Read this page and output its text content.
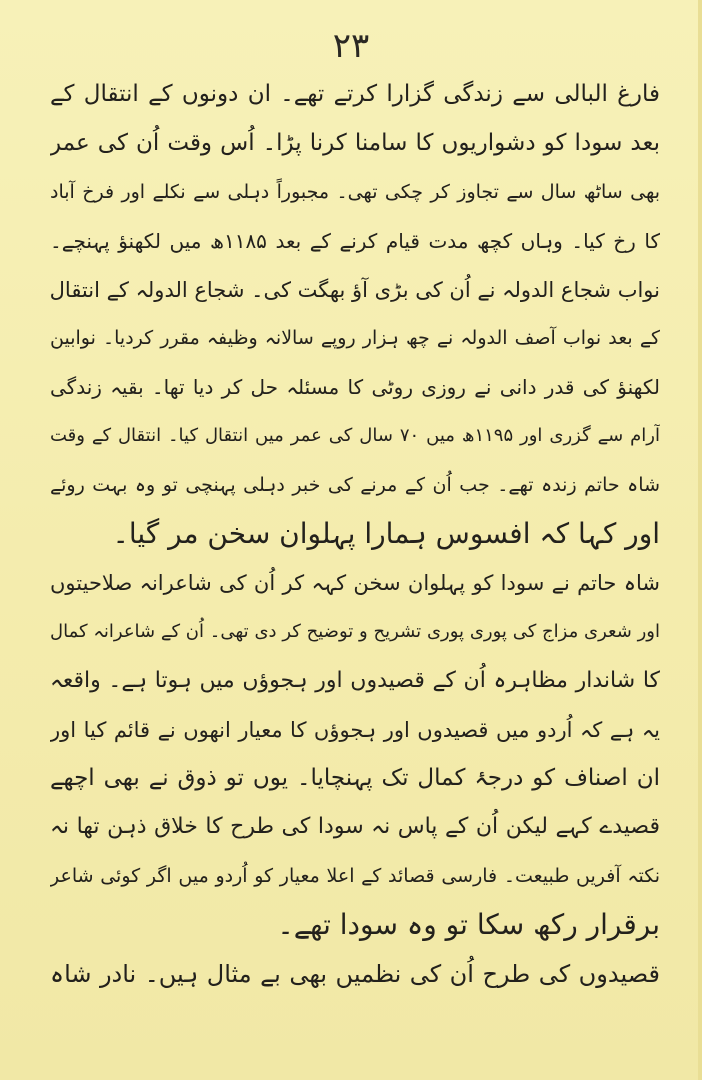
۲۳
فارغ البالی سے زندگی گزارا کرتے تھے۔ ان دونوں کے انتقال کے
بعد سودا کو دشواریوں کا سامنا کرنا پڑا۔ اُس وقت اُن کی عمر
بھی ساٹھ سال سے تجاوز کر چکی تھی۔ مجبوراً دہلی سے نکلے اور فرخ آباد
کا رخ کیا۔ وہاں کچھ مدت قیام کرنے کے بعد ۱۱۸۵ھ میں لکھنؤ پہنچے۔
نواب شجاع الدولہ نے اُن کی بڑی آؤ بھگت کی۔ شجاع الدولہ کے انتقال
کے بعد نواب آصف الدولہ نے چھ ہزار روپے سالانہ وظیفہ مقرر کردیا۔ نوابین
لکھنؤ کی قدر دانی نے روزی روٹی کا مسئلہ حل کر دیا تھا۔ بقیہ زندگی
آرام سے گزری اور ۱۱۹۵ھ میں ۷۰ سال کی عمر میں انتقال کیا۔ انتقال کے وقت
شاہ حاتم زندہ تھے۔ جب اُن کے مرنے کی خبر دہلی پہنچی تو وہ بہت روئے
اور کہا کہ افسوس ہمارا پہلوان سخن مر گیا۔
شاہ حاتم نے سودا کو پہلوان سخن کہہ کر اُن کی شاعرانہ صلاحیتوں
اور شعری مزاج کی پوری پوری تشریح و توضیح کر دی تھی۔ اُن کے شاعرانہ کمال
کا شاندار مظاہرہ اُن کے قصیدوں اور ہجوؤں میں ہوتا ہے۔ واقعہ
یہ ہے کہ اُردو میں قصیدوں اور ہجوؤں کا معیار انھوں نے قائم کیا اور
ان اصناف کو درجۂ کمال تک پہنچایا۔ یوں تو ذوق نے بھی اچھے
قصیدے کہے لیکن اُن کے پاس نہ سودا کی طرح کا خلاق ذہن تھا نہ
نکتہ آفریں طبیعت۔ فارسی قصائد کے اعلا معیار کو اُردو میں اگر کوئی شاعر
برقرار رکھ سکا تو وہ سودا تھے۔
قصیدوں کی طرح اُن کی نظمیں بھی بے مثال ہیں۔ نادر شاہ
